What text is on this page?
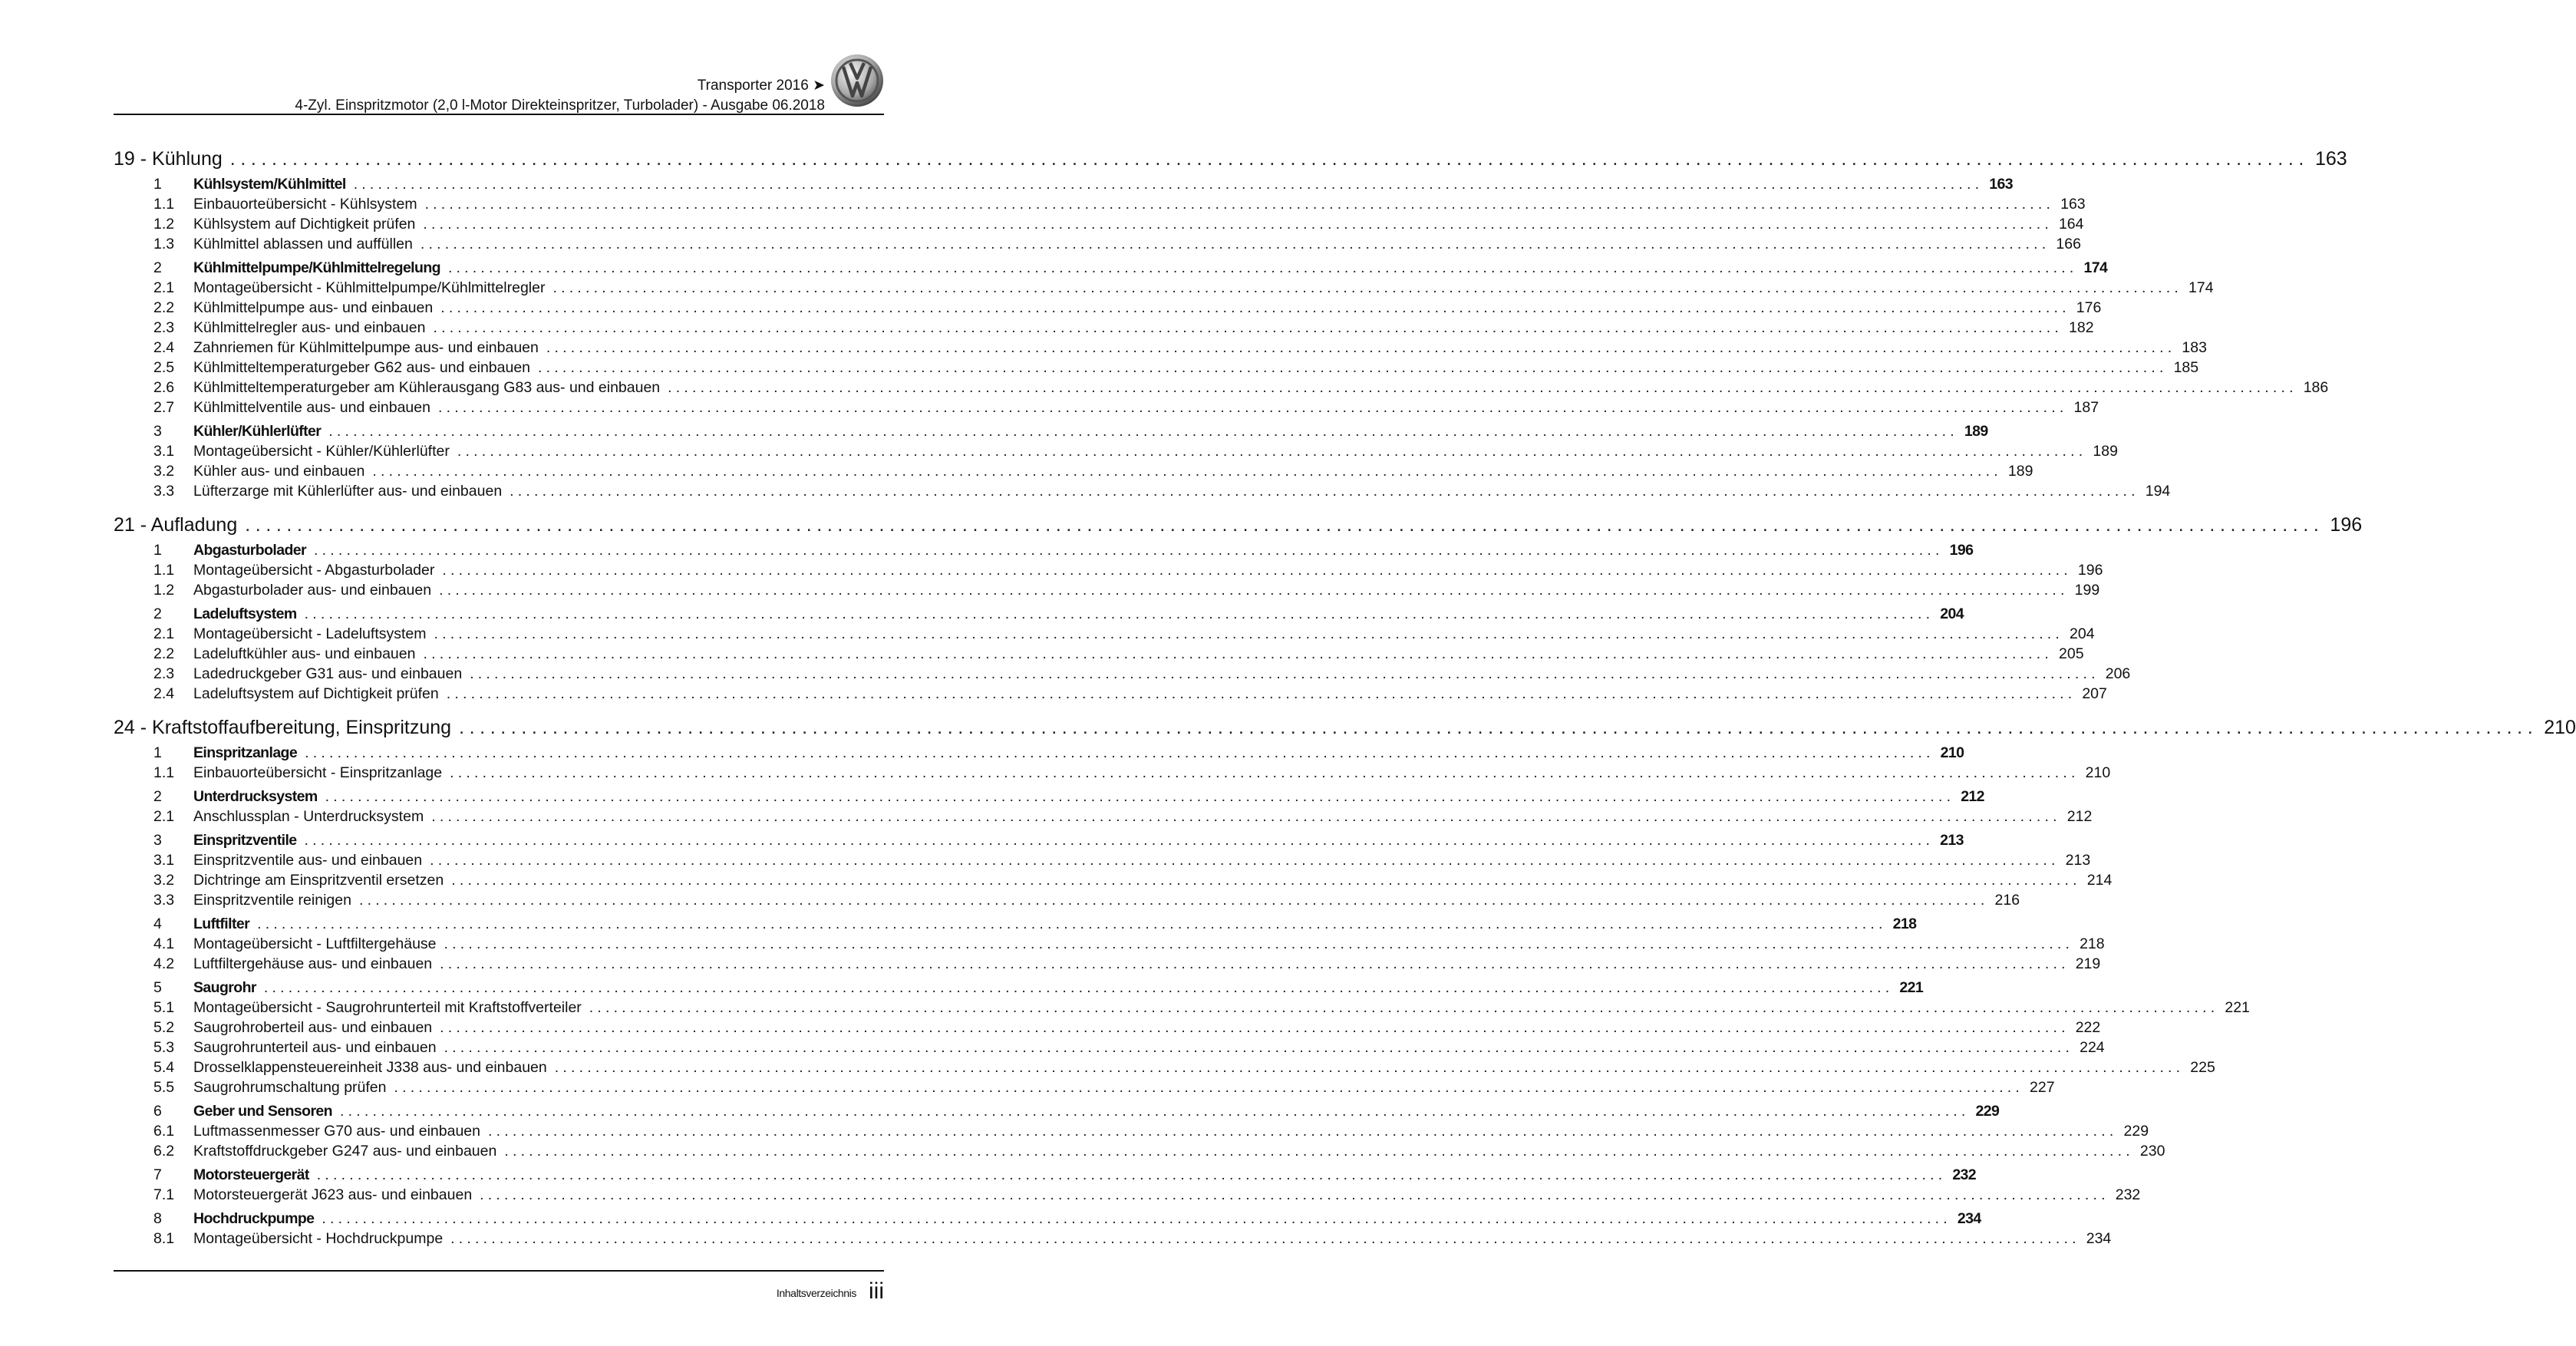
Transporter 2016 ➤
4-Zyl. Einspritzmotor (2,0 l-Motor Direkteinspritzer, Turbolader) - Ausgabe 06.2018
19 - Kühlung ........................................................................................................................................................................................................ 163
1	Kühlsystem/Kühlmittel ........................................................................................................................................................................................................ 163
1.1	Einbauorteübersicht - Kühlsystem ........................................................................................................................................................................................................ 163
1.2	Kühlsystem auf Dichtigkeit prüfen ........................................................................................................................................................................................................ 164
1.3	Kühlmittel ablassen und auffüllen ........................................................................................................................................................................................................ 166
2	Kühlmittelpumpe/Kühlmittelregelung ........................................................................................................................................................................................................ 174
2.1	Montageübersicht - Kühlmittelpumpe/Kühlmittelregler ........................................................................................................................................................................................................ 174
2.2	Kühlmittelpumpe aus- und einbauen ........................................................................................................................................................................................................ 176
2.3	Kühlmittelregler aus- und einbauen ........................................................................................................................................................................................................ 182
2.4	Zahnriemen für Kühlmittelpumpe aus- und einbauen ........................................................................................................................................................................................................ 183
2.5	Kühlmitteltemperaturgeber G62 aus- und einbauen ........................................................................................................................................................................................................ 185
2.6	Kühlmitteltemperaturgeber am Kühlerausgang G83 aus- und einbauen ........................................................................................................................................................................................................ 186
2.7	Kühlmittelventile aus- und einbauen ........................................................................................................................................................................................................ 187
3	Kühler/Kühlerlüfter ........................................................................................................................................................................................................ 189
3.1	Montageübersicht - Kühler/Kühlerlüfter ........................................................................................................................................................................................................ 189
3.2	Kühler aus- und einbauen ........................................................................................................................................................................................................ 189
3.3	Lüfterzarge mit Kühlerlüfter aus- und einbauen ........................................................................................................................................................................................................ 194
21 - Aufladung ........................................................................................................................................................................................................ 196
1	Abgasturbolader ........................................................................................................................................................................................................ 196
1.1	Montageübersicht - Abgasturbolader ........................................................................................................................................................................................................ 196
1.2	Abgasturbolader aus- und einbauen ........................................................................................................................................................................................................ 199
2	Ladeluftsystem ........................................................................................................................................................................................................ 204
2.1	Montageübersicht - Ladeluftsystem ........................................................................................................................................................................................................ 204
2.2	Ladeluftkühler aus- und einbauen ........................................................................................................................................................................................................ 205
2.3	Ladedruckgeber G31 aus- und einbauen ........................................................................................................................................................................................................ 206
2.4	Ladeluftsystem auf Dichtigkeit prüfen ........................................................................................................................................................................................................ 207
24 - Kraftstoffaufbereitung, Einspritzung ........................................................................................................................................................................................................ 210
1	Einspritzanlage ........................................................................................................................................................................................................ 210
1.1	Einbauorteübersicht - Einspritzanlage ........................................................................................................................................................................................................ 210
2	Unterdrucksystem ........................................................................................................................................................................................................ 212
2.1	Anschlussplan - Unterdrucksystem ........................................................................................................................................................................................................ 212
3	Einspritzventile ........................................................................................................................................................................................................ 213
3.1	Einspritzventile aus- und einbauen ........................................................................................................................................................................................................ 213
3.2	Dichtringe am Einspritzventil ersetzen ........................................................................................................................................................................................................ 214
3.3	Einspritzventile reinigen ........................................................................................................................................................................................................ 216
4	Luftfilter ........................................................................................................................................................................................................ 218
4.1	Montageübersicht - Luftfiltergehäuse ........................................................................................................................................................................................................ 218
4.2	Luftfiltergehäuse aus- und einbauen ........................................................................................................................................................................................................ 219
5	Saugrohr ........................................................................................................................................................................................................ 221
5.1	Montageübersicht - Saugrohrunterteil mit Kraftstoffverteiler ........................................................................................................................................................................................................ 221
5.2	Saugrohroberteil aus- und einbauen ........................................................................................................................................................................................................ 222
5.3	Saugrohrunterteil aus- und einbauen ........................................................................................................................................................................................................ 224
5.4	Drosselklappensteuereinheit J338 aus- und einbauen ........................................................................................................................................................................................................ 225
5.5	Saugrohrumschaltung prüfen ........................................................................................................................................................................................................ 227
6	Geber und Sensoren ........................................................................................................................................................................................................ 229
6.1	Luftmassenmesser G70 aus- und einbauen ........................................................................................................................................................................................................ 229
6.2	Kraftstoffdruckgeber G247 aus- und einbauen ........................................................................................................................................................................................................ 230
7	Motorsteuergerät ........................................................................................................................................................................................................ 232
7.1	Motorsteuergerät J623 aus- und einbauen ........................................................................................................................................................................................................ 232
8	Hochdruckpumpe ........................................................................................................................................................................................................ 234
8.1	Montageübersicht - Hochdruckpumpe ........................................................................................................................................................................................................ 234
Inhaltsverzeichnis iii
